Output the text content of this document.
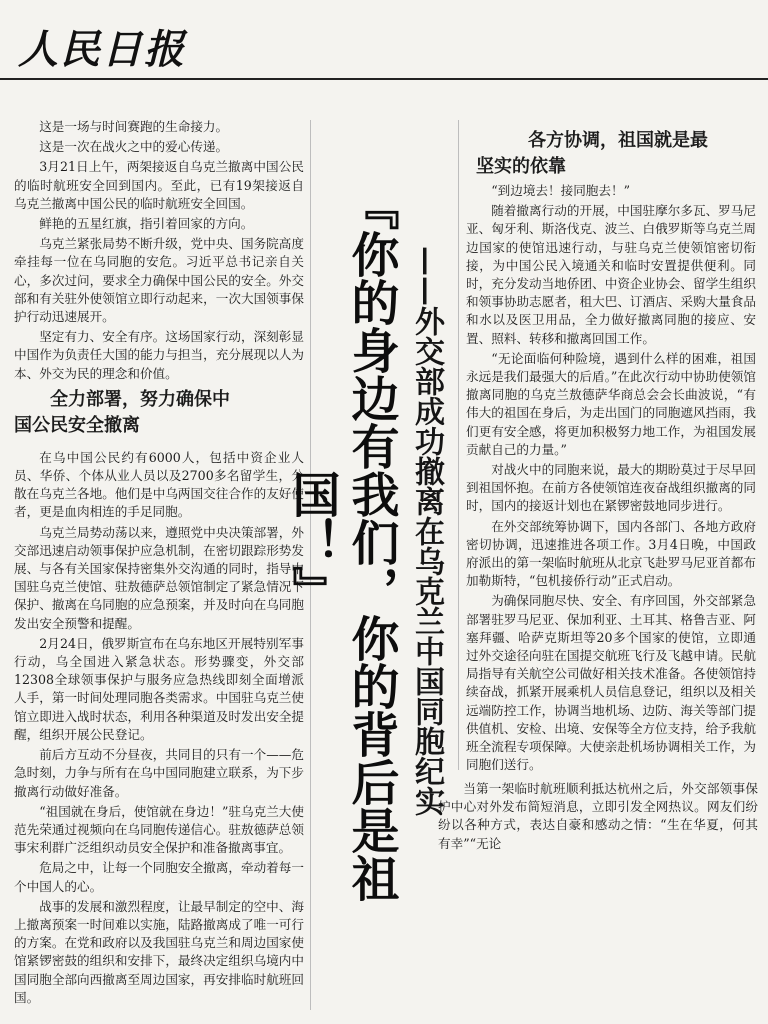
人民日报

这是一场与时间赛跑的生命接力。

这是一次在战火之中的爱心传递。

3月21日上午，两架接返自乌克兰撤离中国公民的临时航班安全回到国内。至此，已有19架接返自乌克兰撤离中国公民的临时航班安全回国。

鲜艳的五星红旗，指引着回家的方向。

乌克兰紧张局势不断升级，党中央、国务院高度牵挂每一位在乌同胞的安危。习近平总书记亲自关心，多次过问，要求全力确保中国公民的安全。外交部和有关驻外使领馆立即行动起来，一次大国领事保护行动迅速展开。

坚定有力、安全有序。这场国家行动，深刻彰显中国作为负责任大国的能力与担当，充分展现以人为本、外交为民的理念和价值。

全力部署，努力确保中
国公民安全撤离

在乌中国公民约有6000人，包括中资企业人员、华侨、个体从业人员以及2700多名留学生，分散在乌克兰各地。他们是中乌两国交往合作的友好使者，更是血肉相连的手足同胞。

乌克兰局势动荡以来，遵照党中央决策部署，外交部迅速启动领事保护应急机制，在密切跟踪形势发展、与各有关国家保持密集外交沟通的同时，指导中国驻乌克兰使馆、驻敖德萨总领馆制定了紧急情况下保护、撤离在乌同胞的应急预案，并及时向在乌同胞发出安全预警和提醒。

2月24日，俄罗斯宣布在乌东地区开展特别军事行动，乌全国进入紧急状态。形势骤变，外交部12308全球领事保护与服务应急热线即刻全面增派人手，第一时间处理同胞各类需求。中国驻乌克兰使馆立即进入战时状态，利用各种渠道及时发出安全提醒，组织开展公民登记。

前后方互动不分昼夜，共同目的只有一个——危急时刻，力争与所有在乌中国同胞建立联系，为下步撤离行动做好准备。

“祖国就在身后，使馆就在身边！”驻乌克兰大使范先荣通过视频向在乌同胞传递信心。驻敖德萨总领事宋利群广泛组织动员安全保护和准备撤离事宜。

危局之中，让每一个同胞安全撤离，牵动着每一个中国人的心。

战事的发展和激烈程度，让最早制定的空中、海上撤离预案一时间难以实施，陆路撤离成了唯一可行的方案。在党和政府以及我国驻乌克兰和周边国家使馆紧锣密鼓的组织和安排下，最终决定组织乌境内中国同胞全部向西撤离至周边国家，再安排临时航班回国。

『你的身边有我们，你的背后是祖国！』	——外交部成功撤离在乌克兰中国同胞纪实
各方协调，祖国就是最
坚实的依靠

“到边境去！接同胞去！”

随着撤离行动的开展，中国驻摩尔多瓦、罗马尼亚、匈牙利、斯洛伐克、波兰、白俄罗斯等乌克兰周边国家的使馆迅速行动，与驻乌克兰使领馆密切衔接，为中国公民入境通关和临时安置提供便利。同时，充分发动当地侨团、中资企业协会、留学生组织和领事协助志愿者，租大巴、订酒店、采购大量食品和水以及医卫用品，全力做好撤离同胞的接应、安置、照料、转移和撤离回国工作。

“无论面临何种险境，遇到什么样的困难，祖国永远是我们最强大的后盾。”在此次行动中协助使领馆撤离同胞的乌克兰敖德萨华商总会会长曲波说，“有伟大的祖国在身后，为走出国门的同胞遮风挡雨，我们更有安全感，将更加积极努力地工作，为祖国发展贡献自己的力量。”

对战火中的同胞来说，最大的期盼莫过于尽早回到祖国怀抱。在前方各使领馆连夜奋战组织撤离的同时，国内的接返计划也在紧锣密鼓地同步进行。

在外交部统筹协调下，国内各部门、各地方政府密切协调，迅速推进各项工作。3月4日晚，中国政府派出的第一架临时航班从北京飞赴罗马尼亚首都布加勒斯特，“包机接侨行动”正式启动。

为确保同胞尽快、安全、有序回国，外交部紧急部署驻罗马尼亚、保加利亚、土耳其、格鲁吉亚、阿塞拜疆、哈萨克斯坦等20多个国家的使馆，立即通过外交途径向驻在国提交航班飞行及飞越申请。民航局指导有关航空公司做好相关技术准备。各使领馆持续奋战，抓紧开展乘机人员信息登记，组织以及相关远端防控工作，协调当地机场、边防、海关等部门提供值机、安检、出境、安保等全方位支持，给予我航班全流程专项保障。大使亲赴机场协调相关工作，为同胞们送行。

当第一架临时航班顺利抵达杭州之后，外交部领事保护中心对外发布简短消息，立即引发全网热议。网友们纷纷以各种方式，表达自豪和感动之情：“生在华夏，何其有幸”“无论
